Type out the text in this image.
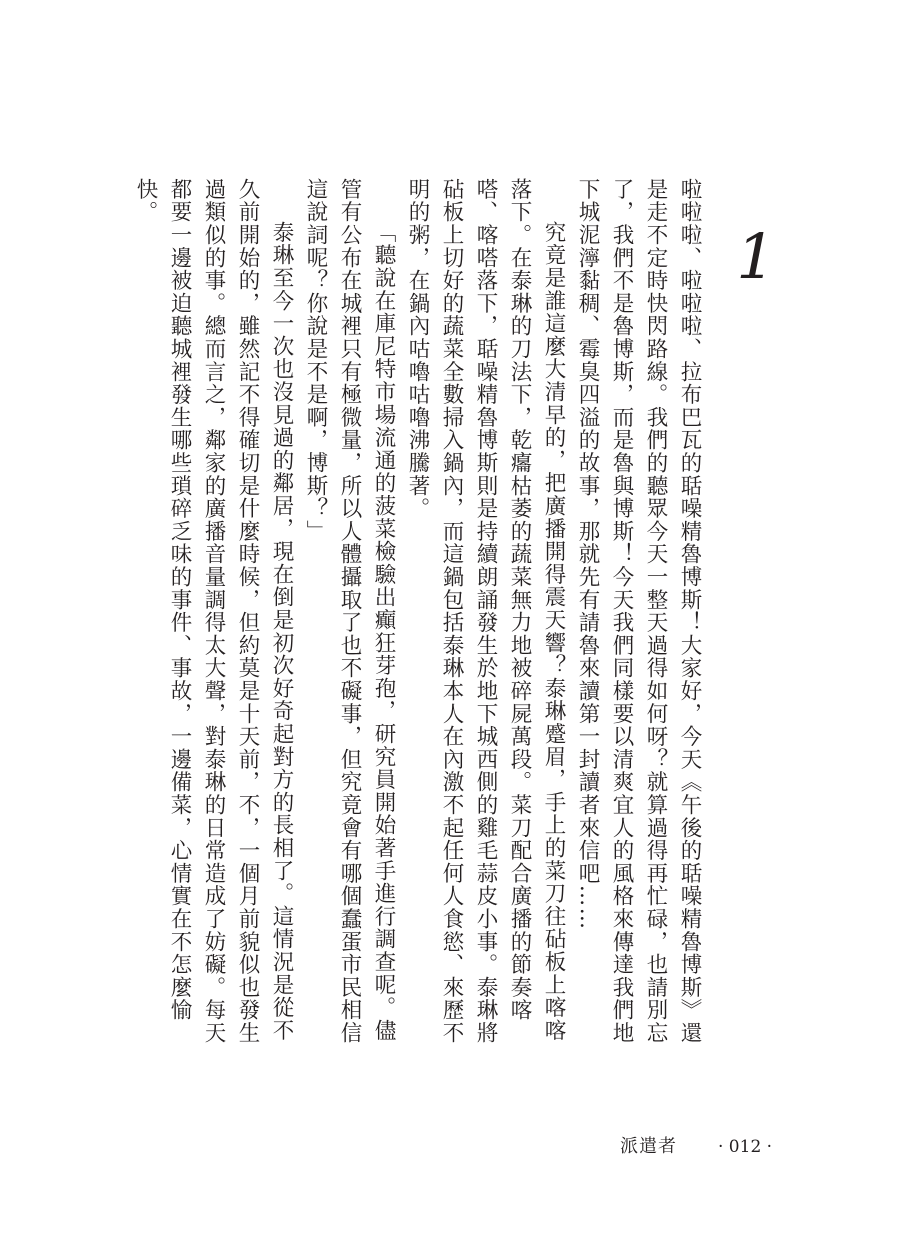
1

啦啦啦、啦啦啦、拉布巴瓦的聒噪精魯博斯！大家好，今天《午後的聒噪精魯博斯》還是走不定時快閃路線。我們的聽眾今天一整天過得如何呀？就算過得再忙碌，也請別忘了，我們不是魯博斯，而是魯與博斯！今天我們同樣要以清爽宜人的風格來傳達我們地下城泥濘黏稠、霉臭四溢的故事，那就先有請魯來讀第一封讀者來信吧……

究竟是誰這麼大清早的，把廣播開得震天響？泰琳蹙眉，手上的菜刀往砧板上喀喀落下。在泰琳的刀法下，乾癟枯萎的蔬菜無力地被碎屍萬段。菜刀配合廣播的節奏喀嗒、喀嗒落下，聒噪精魯博斯則是持續朗誦發生於地下城西側的雞毛蒜皮小事。泰琳將砧板上切好的蔬菜全數掃入鍋內，而這鍋包括泰琳本人在內激不起任何人食慾、來歷不明的粥，在鍋內咕嚕咕嚕沸騰著。

「聽說在庫尼特市場流通的菠菜檢驗出癲狂芽孢，研究員開始著手進行調查呢。儘管有公布在城裡只有極微量，所以人體攝取了也不礙事，但究竟會有哪個蠢蛋市民相信這說詞呢？你說是不是啊，博斯？」

泰琳至今一次也沒見過的鄰居，現在倒是初次好奇起對方的長相了。這情況是從不久前開始的，雖然記不得確切是什麼時候，但約莫是十天前，不，一個月前貌似也發生過類似的事。總而言之，鄰家的廣播音量調得太大聲，對泰琳的日常造成了妨礙。每天都要一邊被迫聽城裡發生哪些瑣碎乏味的事件、事故，一邊備菜，心情實在不怎麼愉快。

派遣者 · 012 ·
